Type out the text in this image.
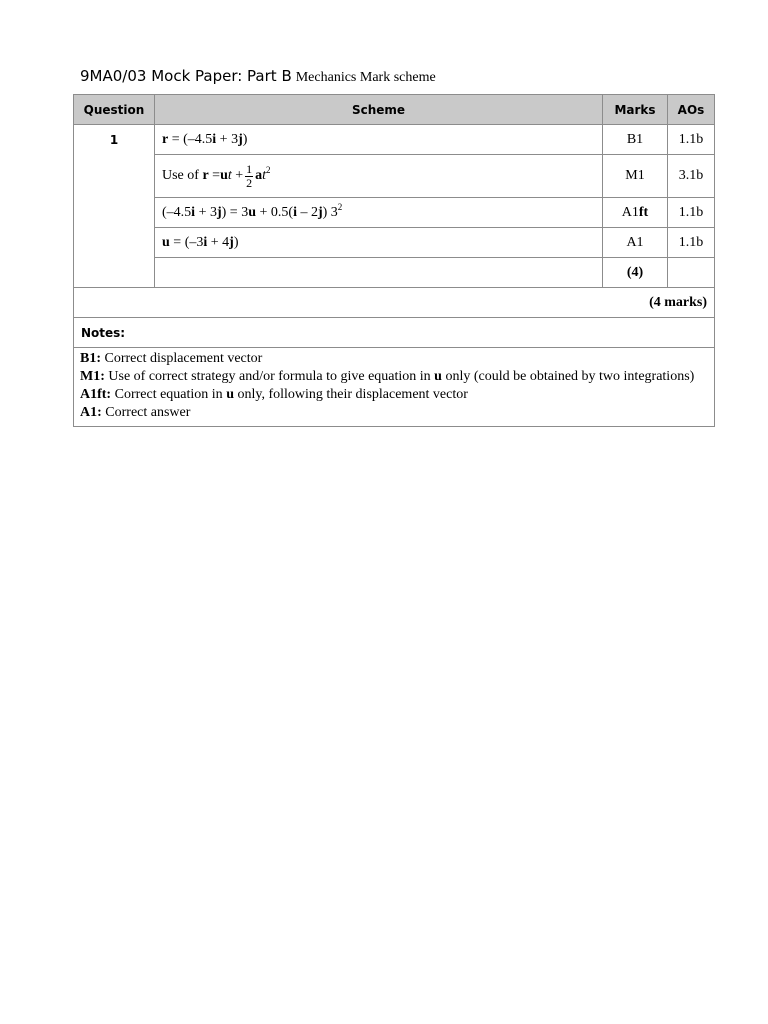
9MA0/03 Mock Paper: Part B Mechanics Mark scheme
Question	Scheme	Marks	AOs
1	r = (–4.5i + 3j)	B1	1.1b
	Use of $r =ut + \frac{1}{2} at^2$	M1	3.1b
	(–4.5i + 3j) = 3u + 0.5(i – 2j) $3^2$	A1ft	1.1b
	u = (–3i + 4j)	A1	1.1b
		(4)	
(4 marks)			
Notes:			

B1: Correct displacement vector
M1: Use of correct strategy and/or formula to give equation in u only (could be obtained by two integrations)
A1ft: Correct equation in u only, following their displacement vector
A1: Correct answer			
